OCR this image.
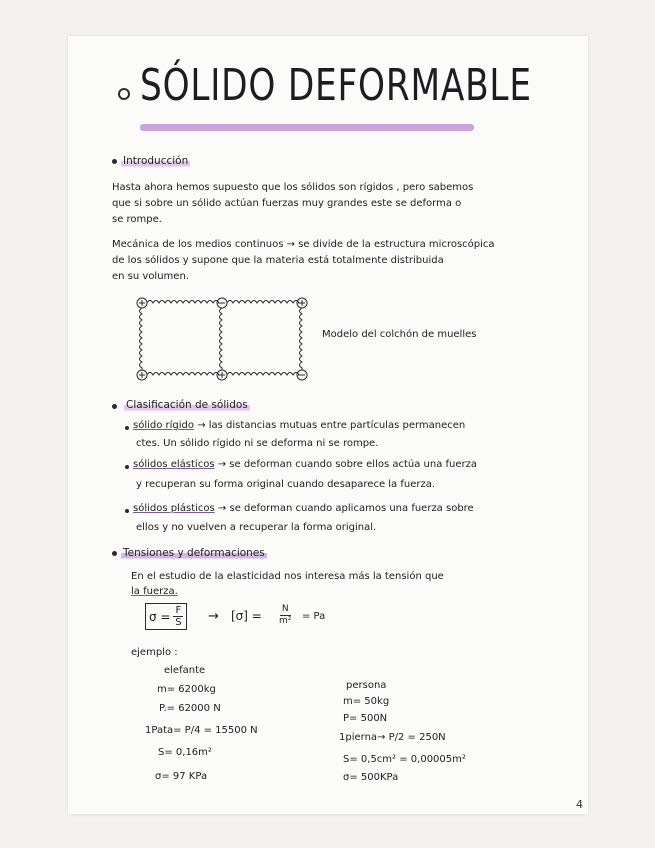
SÓLIDO DEFORMABLE
Introducción
Hasta ahora hemos supuesto que los sólidos son rígidos , pero sabemos
que si sobre un sólido actúan fuerzas muy grandes este se deforma o
se rompe.
Mecánica de los medios continuos → se divide de la estructura microscópica
de los sólidos y supone que la materia está totalmente distribuida
en su volumen.
Modelo del colchón de muelles
Clasificación de sólidos
sólido rígido → las distancias mutuas entre partículas permanecen
ctes. Un sólido rígido ni se deforma ni se rompe.
sólidos elásticos → se deforman cuando sobre ellos actúa una fuerza
y recuperan su forma original cuando desaparece la fuerza.
sólidos plásticos → se deforman cuando aplicamos una fuerza sobre
ellos y no vuelven a recuperar la forma original.
Tensiones y deformaciones
En el estudio de la elasticidad nos interesa más la tensión que
la fuerza.
$\sigma = \frac{F}{S} \to [\sigma] = N$
m² = Pa
ejemplo :
elefante
m= 6200kg
P.= 62000 N
1Pata= P/4 = 15500 N
S= 0,16m²
σ= 97 KPa
persona
m= 50kg
P= 500N
1pierna→ P/2 = 250N
S= 0,5cm² = 0,00005m²
σ= 500KPa
4
